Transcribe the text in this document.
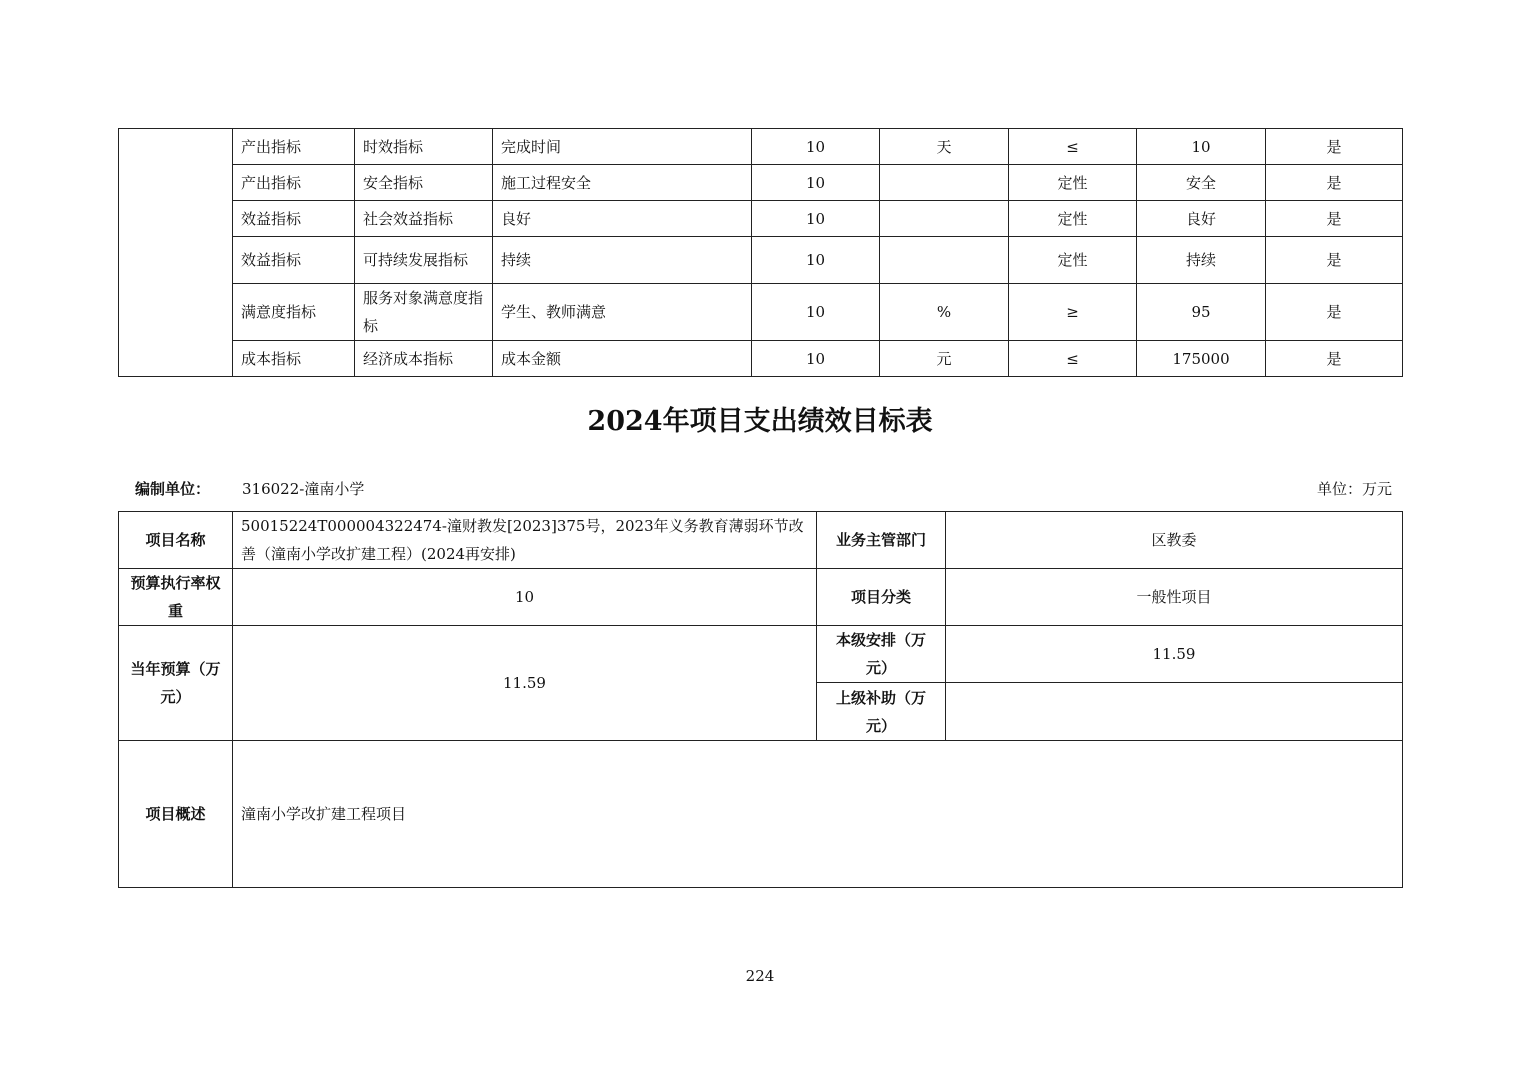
	产出指标	时效指标	完成时间	10	天	≤	10	是
	产出指标	安全指标	施工过程安全	10		定性	安全	是
	效益指标	社会效益指标	良好	10		定性	良好	是
	效益指标	可持续发展指标	持续	10		定性	持续	是
	满意度指标	服务对象满意度指标	学生、教师满意	10	%	≥	95	是
	成本指标	经济成本指标	成本金额	10	元	≤	175000	是
2024年项目支出绩效目标表
编制单位： 316022-潼南小学	单位：万元
项目名称	50015224T000004322474-潼财教发[2023]375号，2023年义务教育薄弱环节改善（潼南小学改扩建工程）(2024再安排)	业务主管部门	区教委
预算执行率权重	10	项目分类	一般性项目
当年预算（万元）	11.59	本级安排（万元）	11.59
		上级补助（万元）	
项目概述	潼南小学改扩建工程项目		
224
